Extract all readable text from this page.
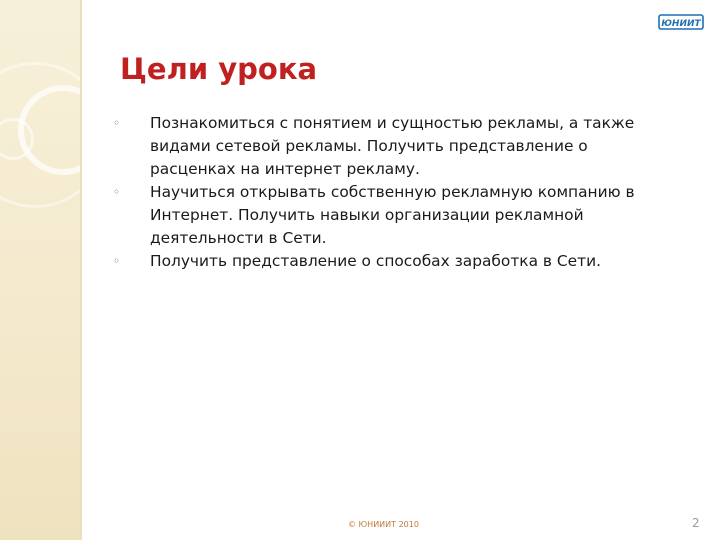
ЮНИИТ
Цели урока
◦ Познакомиться с понятием и сущностью рекламы, а также видами сетевой рекламы. Получить представление о расценках на интернет рекламу.
◦ Научиться открывать собственную рекламную компанию в Интернет. Получить навыки организации рекламной деятельности в Сети.
◦ Получить представление о способах заработка в Сети.
© ЮНИИИТ 2010	2
